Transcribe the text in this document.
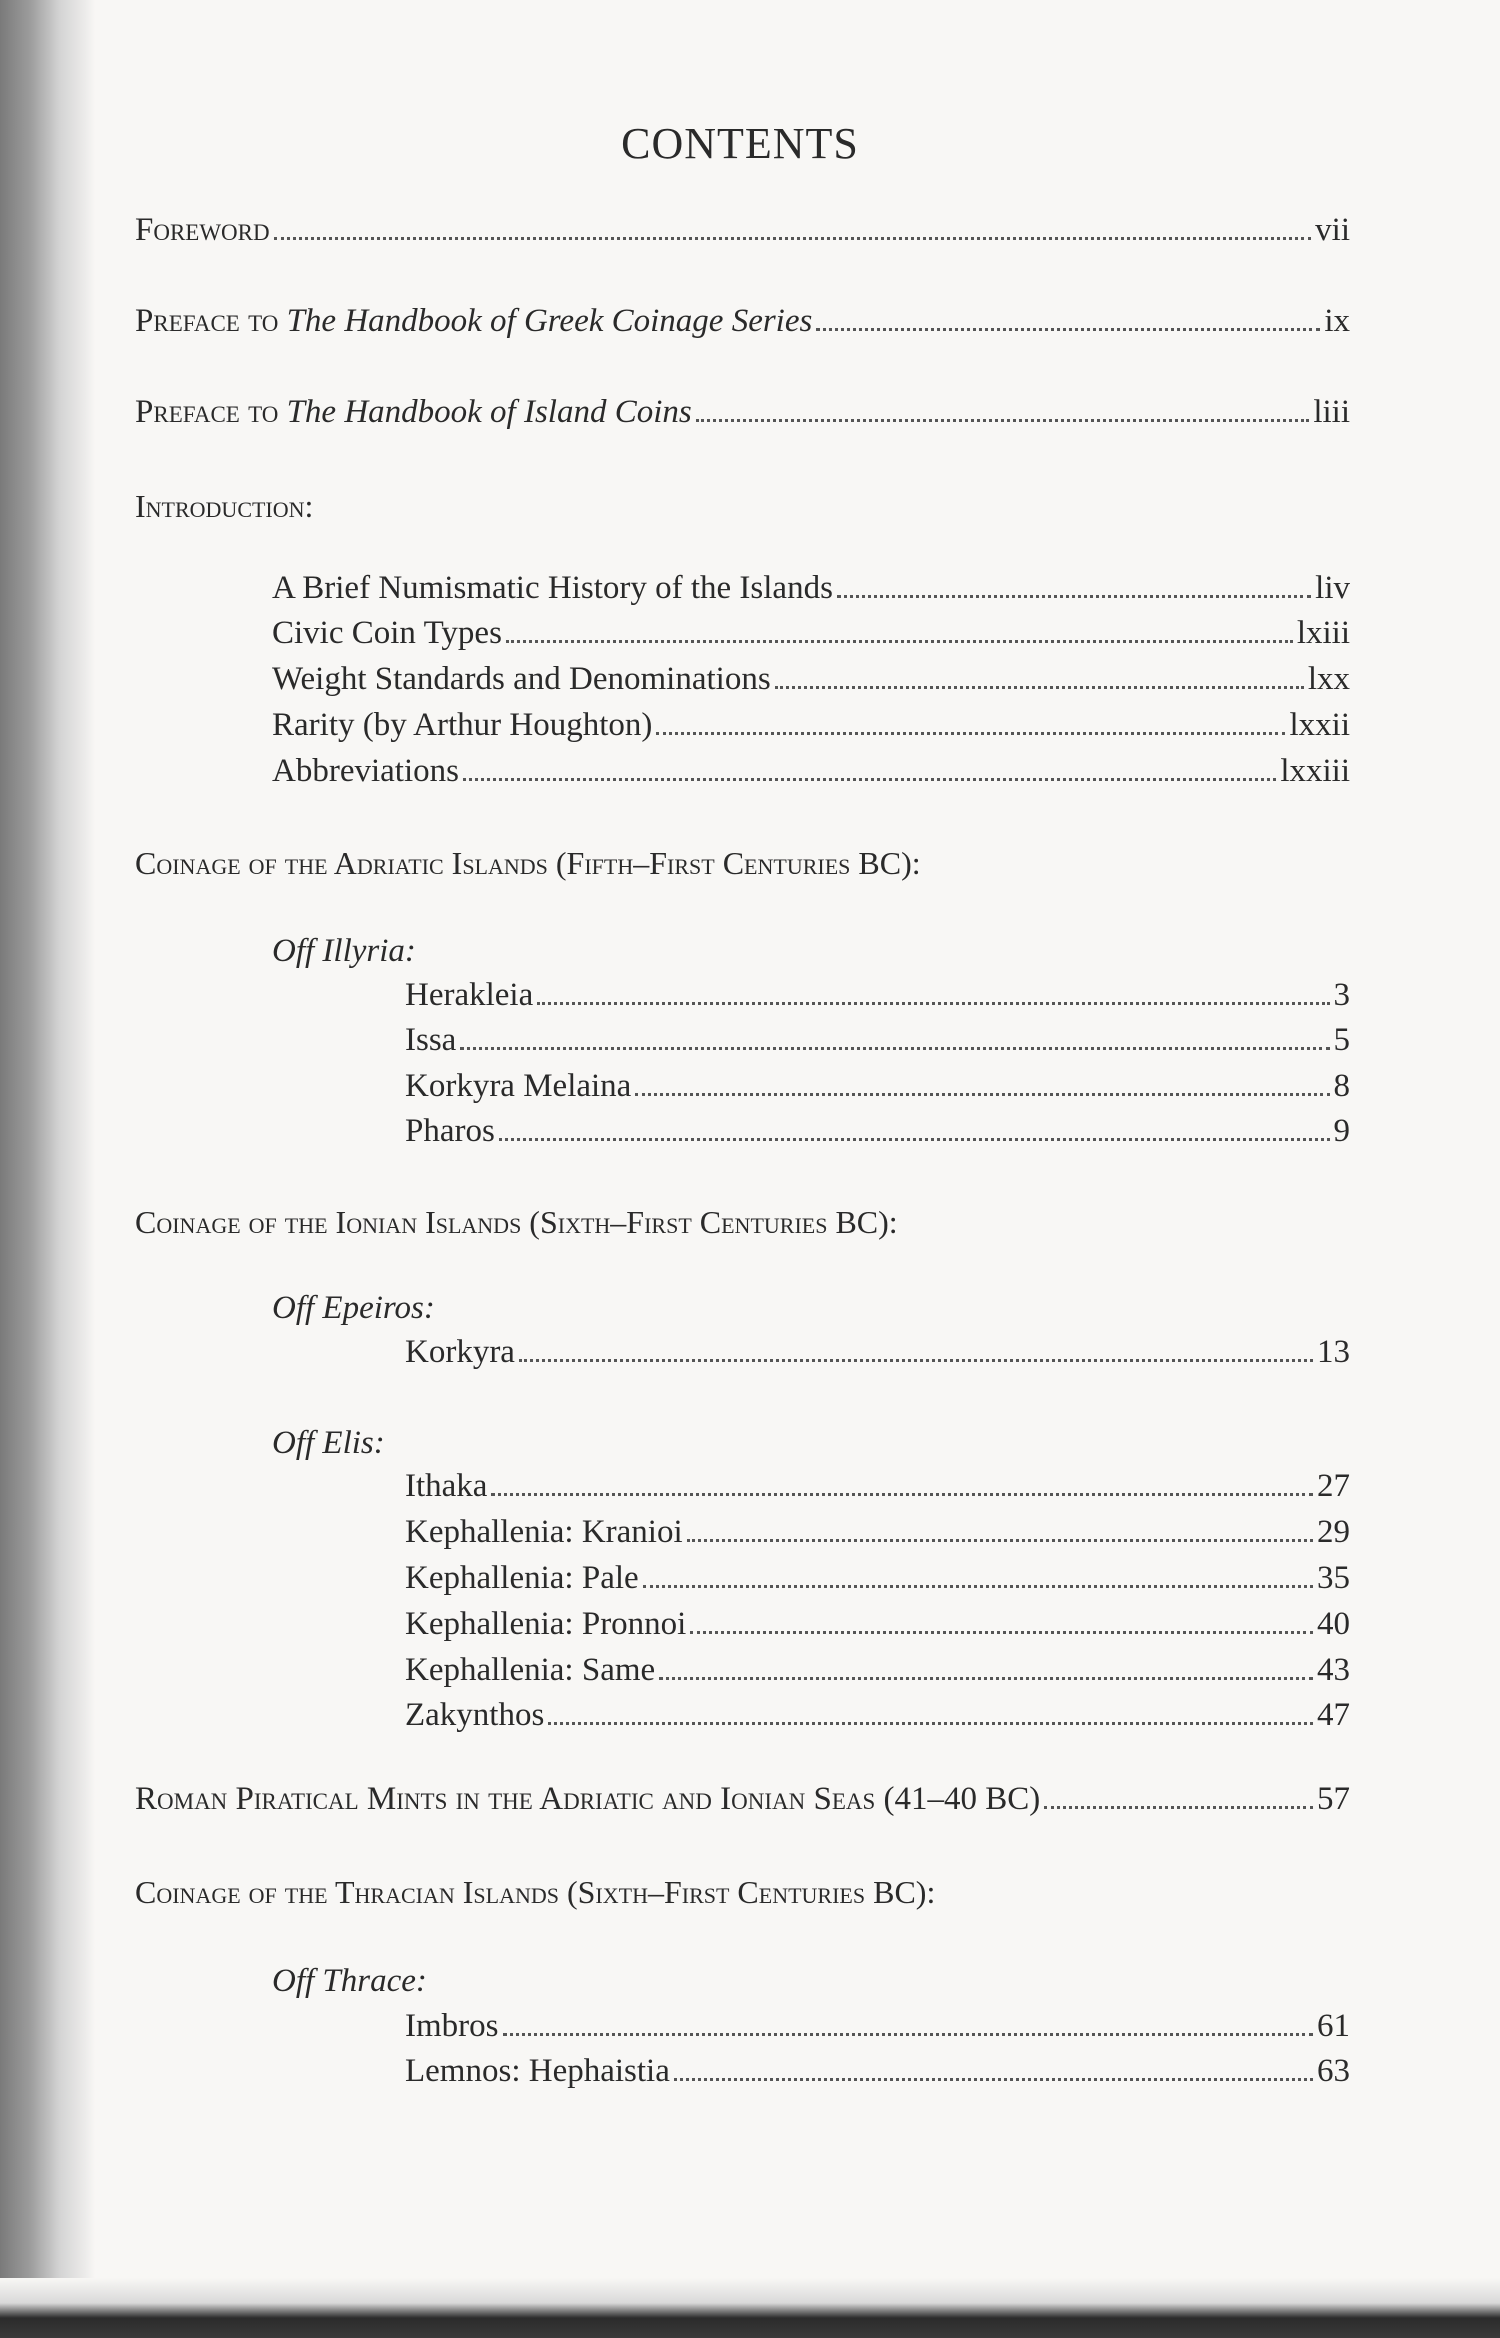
CONTENTS
Foreword	vii
Preface to The Handbook of Greek Coinage Series	ix
Preface to The Handbook of Island Coins	liii
Introduction:
A Brief Numismatic History of the Islands	liv
Civic Coin Types	lxiii
Weight Standards and Denominations	lxx
Rarity (by Arthur Houghton)	lxxii
Abbreviations	lxxiii
Coinage of the Adriatic Islands (Fifth–First Centuries BC):
Off Illyria:
Herakleia	3
Issa	5
Korkyra Melaina	8
Pharos	9
Coinage of the Ionian Islands (Sixth–First Centuries BC):
Off Epeiros:
Korkyra	13
Off Elis:
Ithaka	27
Kephallenia: Kranioi	29
Kephallenia: Pale	35
Kephallenia: Pronnoi	40
Kephallenia: Same	43
Zakynthos	47
Roman Piratical Mints in the Adriatic and Ionian Seas (41–40 BC)	57
Coinage of the Thracian Islands (Sixth–First Centuries BC):
Off Thrace:
Imbros	61
Lemnos: Hephaistia	63
